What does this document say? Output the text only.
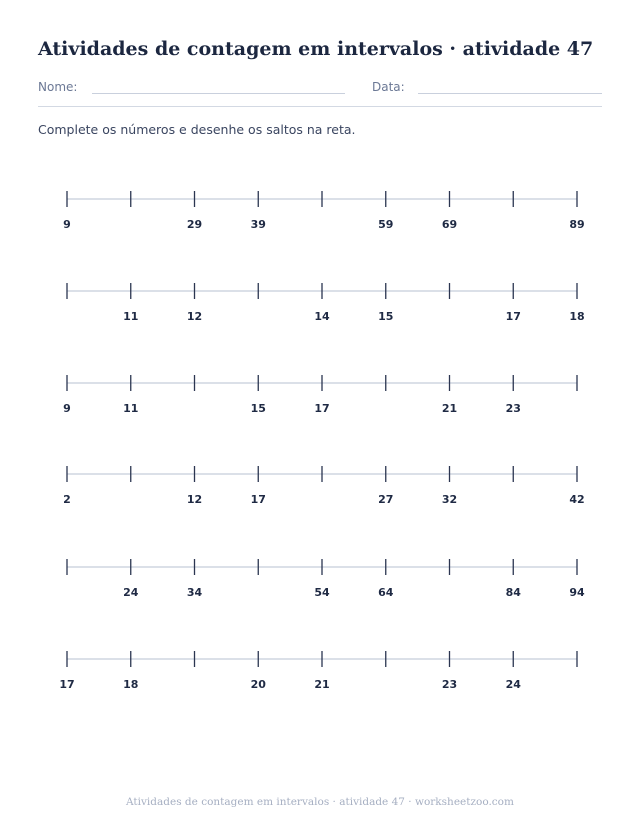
Atividades de contagem em intervalos · atividade 47
Nome:	Data:

Complete os números e desenhe os saltos na reta.

9	29	39	59	69	89
11	12	14	15	17	18
9	11	15	17	21	23
2	12	17	27	32	42
24	34	54	64	84	94
17	18	20	21	23	24
Atividades de contagem em intervalos · atividade 47 · worksheetzoo.com
